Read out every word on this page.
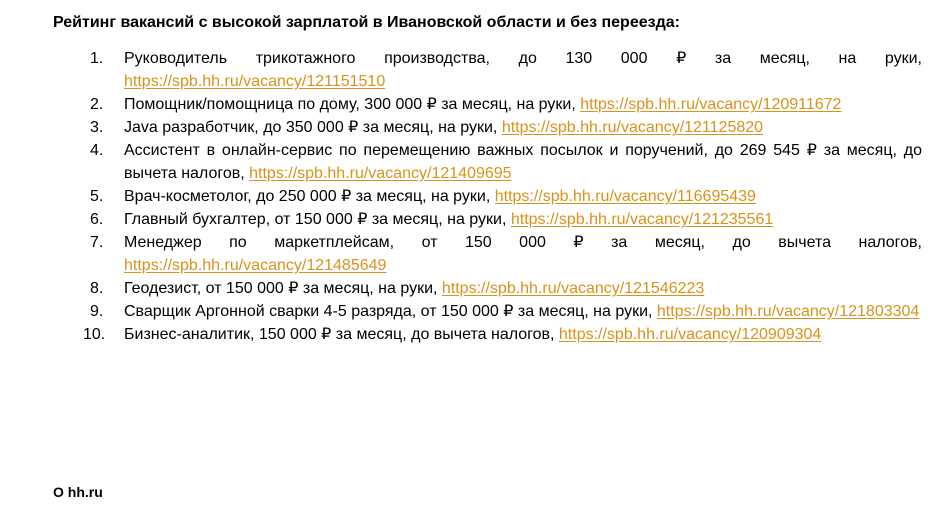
Рейтинг вакансий с высокой зарплатой в Ивановской области и без переезда:
1.	Руководитель трикотажного производства, до 130 000 ₽ за месяц, на руки, https://spb.hh.ru/vacancy/121151510
2.	Помощник/помощница по дому, 300 000 ₽ за месяц, на руки, https://spb.hh.ru/vacancy/120911672
3.	Java разработчик, до 350 000 ₽ за месяц, на руки, https://spb.hh.ru/vacancy/121125820
4.	Ассистент в онлайн-сервис по перемещению важных посылок и поручений, до 269 545 ₽ за месяц, до вычета налогов, https://spb.hh.ru/vacancy/121409695
5.	Врач-косметолог, до 250 000 ₽ за месяц, на руки, https://spb.hh.ru/vacancy/116695439
6.	Главный бухгалтер, от 150 000 ₽ за месяц, на руки, https://spb.hh.ru/vacancy/121235561
7.	Менеджер по маркетплейсам, от 150 000 ₽ за месяц, до вычета налогов, https://spb.hh.ru/vacancy/121485649
8.	Геодезист, от 150 000 ₽ за месяц, на руки, https://spb.hh.ru/vacancy/121546223
9.	Сварщик Аргонной сварки 4-5 разряда, от 150 000 ₽ за месяц, на руки, https://spb.hh.ru/vacancy/121803304
10.	Бизнес-аналитик, 150 000 ₽ за месяц, до вычета налогов, https://spb.hh.ru/vacancy/120909304
О hh.ru
